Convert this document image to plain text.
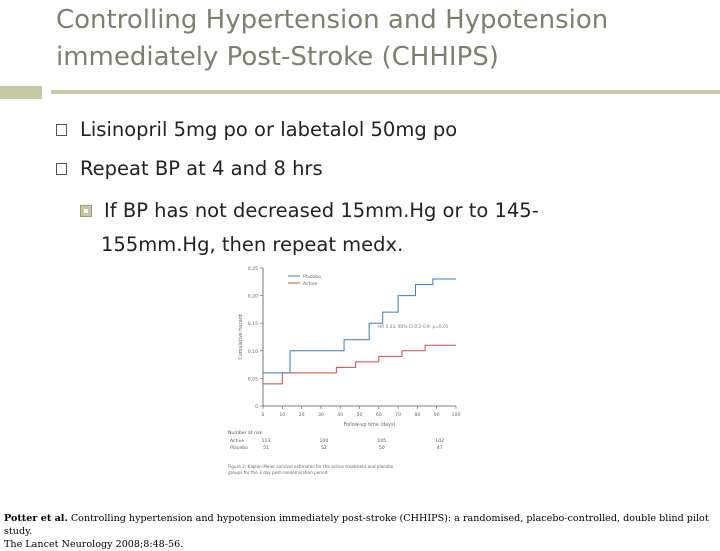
Controlling Hypertension and Hypotension
immediately Post-Stroke (CHHIPS)
Lisinopril 5mg po or labetalol 50mg po
Repeat BP at 4 and 8 hrs
If BP has not decreased 15mm.Hg or to 145-
155mm.Hg, then repeat medx.
0
0.05
0.10
0.15
0.20
0.25
0	10	20	30	40	50	60	70	80	90	100
Follow-up time (days)
Cumulative hazard
Placebo
Active
HR 0.43, 95% CI 0.2-0.9; p=0.05
Number at risk
Active	113	100	105	102
Placebo	51	52	50	47
Figure 2: Kaplan-Meier survival estimates for the active treatment and placebo groups for the 3 day post-randomisation period
Potter et al. Controlling hypertension and hypotension immediately post-stroke (CHHIPS): a randomised, placebo-controlled, double blind pilot study.
The Lancet Neurology 2008;8:48-56.
